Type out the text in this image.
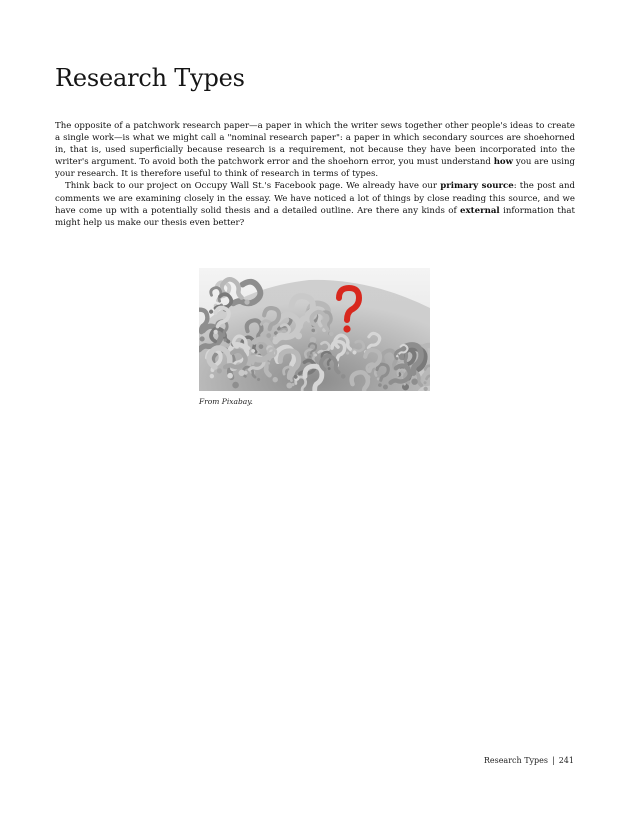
Research Types

The opposite of a patchwork research paper—a paper in which the writer sews together other people's ideas to create a single work—is what we might call a "nominal research paper": a paper in which secondary sources are shoehorned in, that is, used superficially because research is a requirement, not because they have been incorporated into the writer's argument. To avoid both the patchwork error and the shoehorn error, you must understand how you are using your research. It is therefore useful to think of research in terms of types.

Think back to our project on Occupy Wall St.'s Facebook page. We already have our primary source: the post and comments we are examining closely in the essay. We have noticed a lot of things by close reading this source, and we have come up with a potentially solid thesis and a detailed outline. Are there any kinds of external information that might help us make our thesis even better?

From Pixabay.
Research Types | 241
